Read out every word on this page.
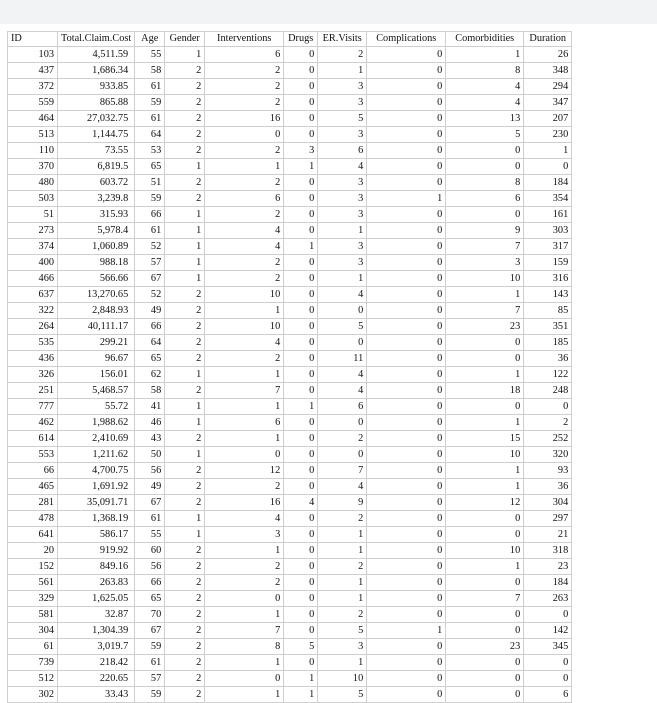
ID	Total.Claim.Cost	Age	Gender	Interventions	Drugs	ER.Visits	Complications	Comorbidities	Duration
103	4,511.59	55	1	6	0	2	0	1	26
437	1,686.34	58	2	2	0	1	0	8	348
372	933.85	61	2	2	0	3	0	4	294
559	865.88	59	2	2	0	3	0	4	347
464	27,032.75	61	2	16	0	5	0	13	207
513	1,144.75	64	2	0	0	3	0	5	230
110	73.55	53	2	2	3	6	0	0	1
370	6,819.5	65	1	1	1	4	0	0	0
480	603.72	51	2	2	0	3	0	8	184
503	3,239.8	59	2	6	0	3	1	6	354
51	315.93	66	1	2	0	3	0	0	161
273	5,978.4	61	1	4	0	1	0	9	303
374	1,060.89	52	1	4	1	3	0	7	317
400	988.18	57	1	2	0	3	0	3	159
466	566.66	67	1	2	0	1	0	10	316
637	13,270.65	52	2	10	0	4	0	1	143
322	2,848.93	49	2	1	0	0	0	7	85
264	40,111.17	66	2	10	0	5	0	23	351
535	299.21	64	2	4	0	0	0	0	185
436	96.67	65	2	2	0	11	0	0	36
326	156.01	62	1	1	0	4	0	1	122
251	5,468.57	58	2	7	0	4	0	18	248
777	55.72	41	1	1	1	6	0	0	0
462	1,988.62	46	1	6	0	0	0	1	2
614	2,410.69	43	2	1	0	2	0	15	252
553	1,211.62	50	1	0	0	0	0	10	320
66	4,700.75	56	2	12	0	7	0	1	93
465	1,691.92	49	2	2	0	4	0	1	36
281	35,091.71	67	2	16	4	9	0	12	304
478	1,368.19	61	1	4	0	2	0	0	297
641	586.17	55	1	3	0	1	0	0	21
20	919.92	60	2	1	0	1	0	10	318
152	849.16	56	2	2	0	2	0	1	23
561	263.83	66	2	2	0	1	0	0	184
329	1,625.05	65	2	0	0	1	0	7	263
581	32.87	70	2	1	0	2	0	0	0
304	1,304.39	67	2	7	0	5	1	0	142
61	3,019.7	59	2	8	5	3	0	23	345
739	218.42	61	2	1	0	1	0	0	0
512	220.65	57	2	0	1	10	0	0	0
302	33.43	59	2	1	1	5	0	0	6
